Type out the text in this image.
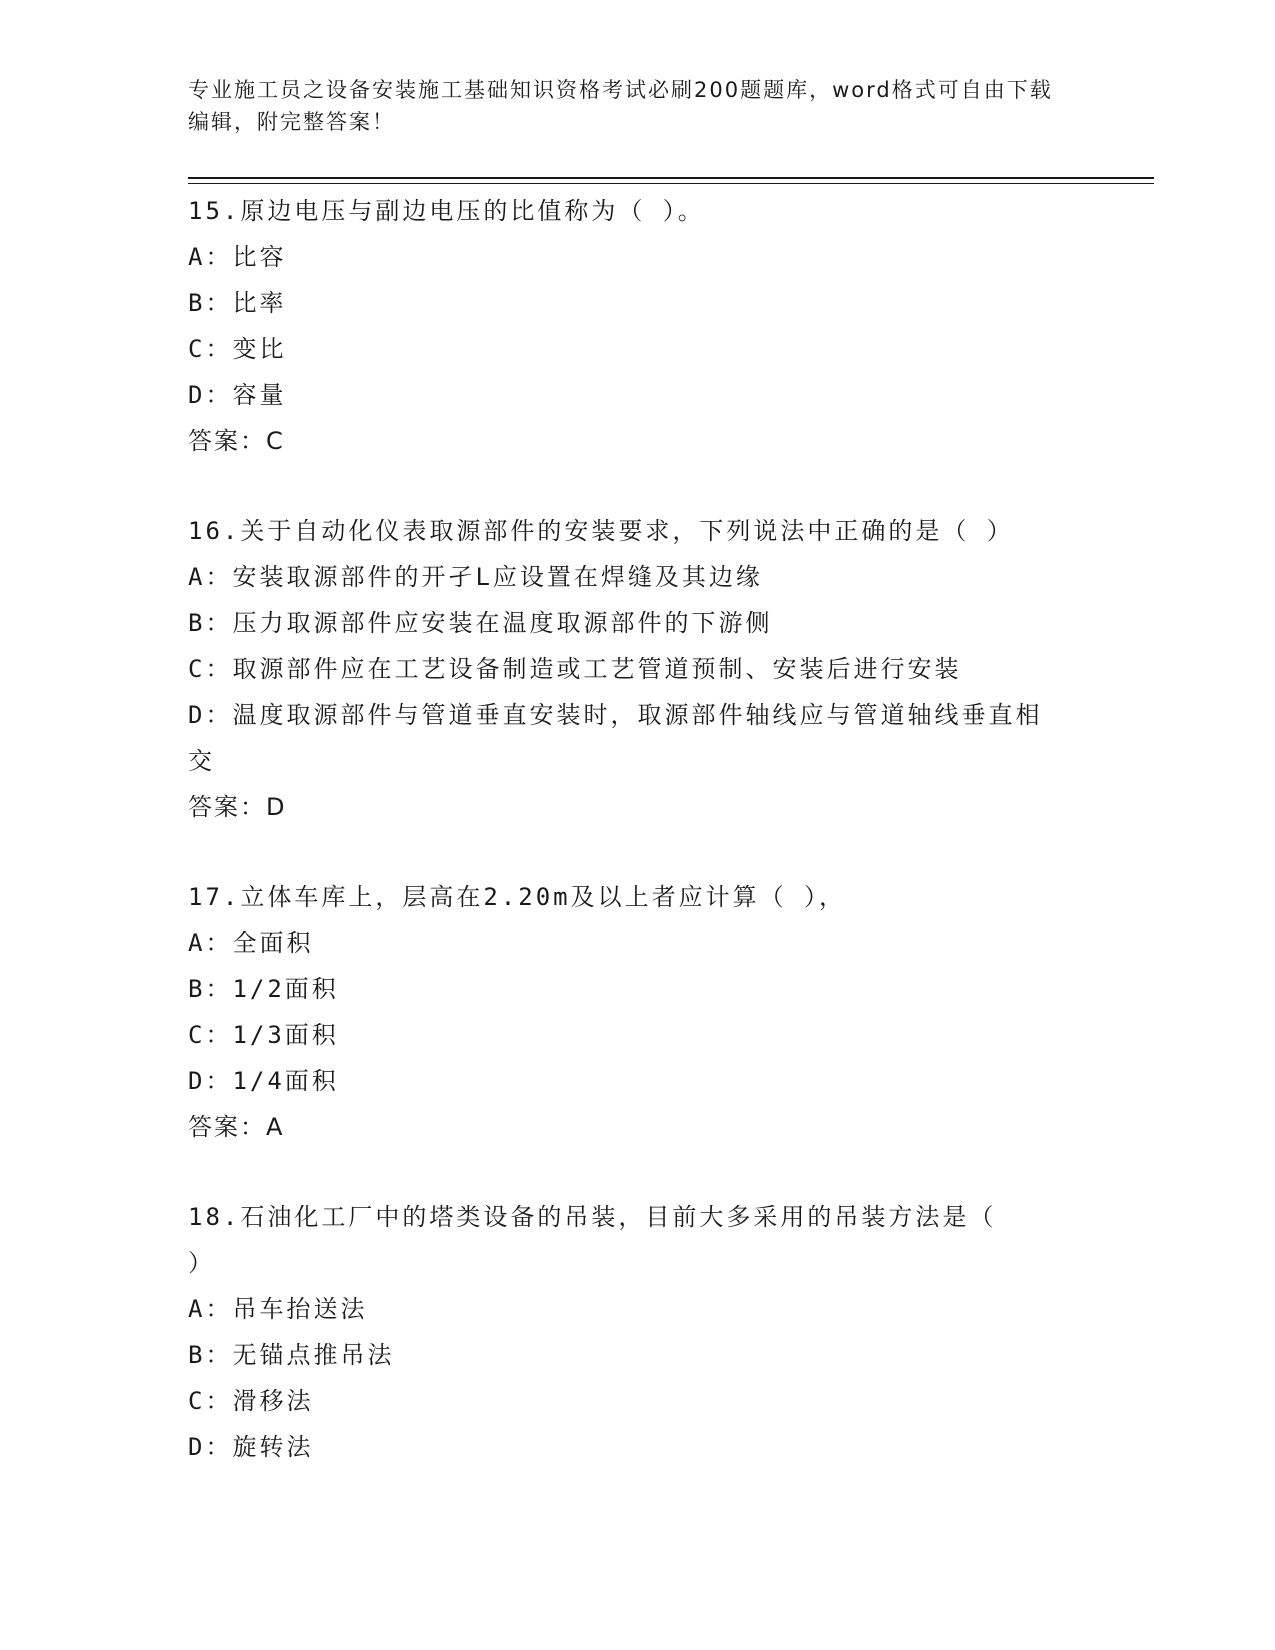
专业施工员之设备安装施工基础知识资格考试必刷200题题库，word格式可自由下载编辑，附完整答案！
15.原边电压与副边电压的比值称为（ ）。
A：比容
B：比率
C：变比
D：容量
答案：C
16.关于自动化仪表取源部件的安装要求，下列说法中正确的是（ ）
A：安装取源部件的开孑L应设置在焊缝及其边缘
B：压力取源部件应安装在温度取源部件的下游侧
C：取源部件应在工艺设备制造或工艺管道预制、安装后进行安装
D：温度取源部件与管道垂直安装时，取源部件轴线应与管道轴线垂直相交
答案：D
17.立体车库上，层高在2.20m及以上者应计算（ ），
A：全面积
B：1/2面积
C：1/3面积
D：1/4面积
答案：A
18.石油化工厂中的塔类设备的吊装，目前大多采用的吊装方法是（ ）
A：吊车抬送法
B：无锚点推吊法
C：滑移法
D：旋转法
